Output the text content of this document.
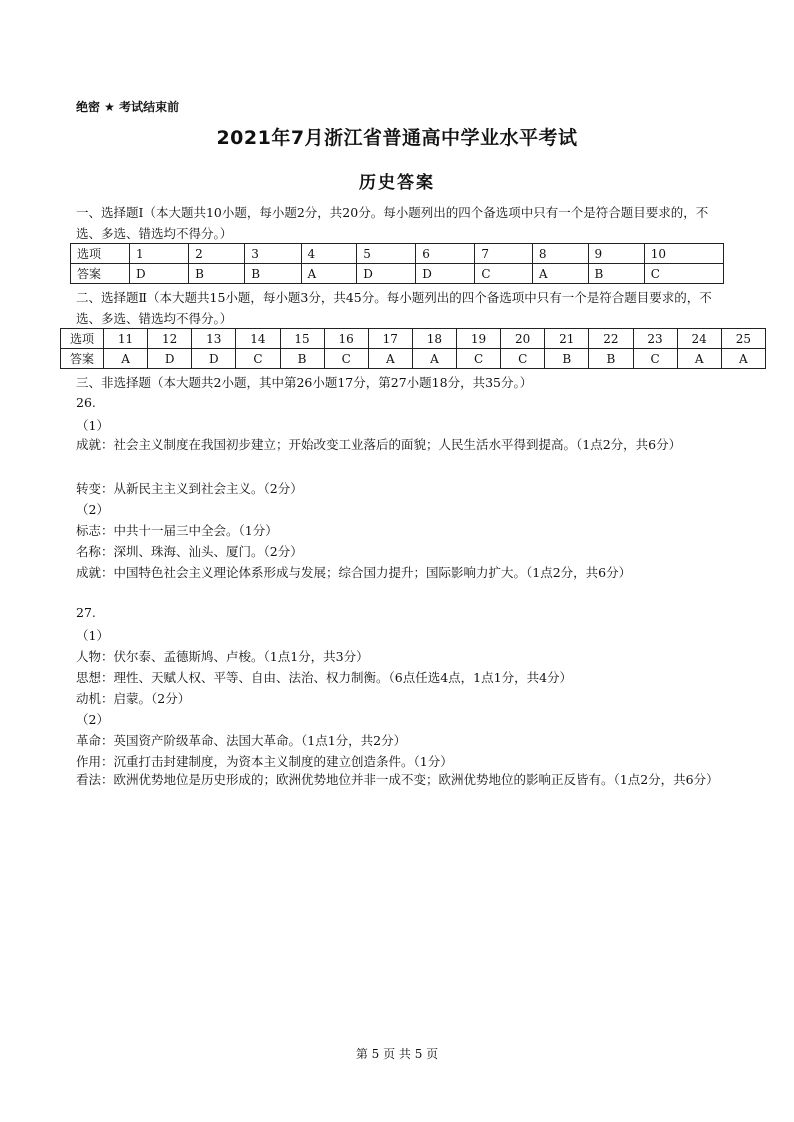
绝密 ★ 考试结束前
2021年7月浙江省普通高中学业水平考试
历史答案

一、选择题Ⅰ（本大题共10小题，每小题2分，共20分。每小题列出的四个备选项中只有一个是符合题目要求的，不选、多选、错选均不得分。）

选项	1	2	3	4	5	6	7	8	9	10
答案	D	B	B	A	D	D	C	A	B	C

二、选择题Ⅱ（本大题共15小题，每小题3分，共45分。每小题列出的四个备选项中只有一个是符合题目要求的，不选、多选、错选均不得分。）

选项	11	12	13	14	15	16	17	18	19	20	21	22	23	24	25
答案	A	D	D	C	B	C	A	A	C	C	B	B	C	A	A

三、非选择题（本大题共2小题，其中第26小题17分，第27小题18分，共35分。）

26.

（1）

成就：社会主义制度在我国初步建立；开始改变工业落后的面貌；人民生活水平得到提高。（1点2分，共6分）

转变：从新民主主义到社会主义。（2分）

（2）

标志：中共十一届三中全会。（1分）

名称：深圳、珠海、汕头、厦门。（2分）

成就：中国特色社会主义理论体系形成与发展；综合国力提升；国际影响力扩大。（1点2分，共6分）

27.

（1）

人物：伏尔泰、孟德斯鸠、卢梭。（1点1分，共3分）

思想：理性、天赋人权、平等、自由、法治、权力制衡。（6点任选4点，1点1分，共4分）

动机：启蒙。（2分）

（2）

革命：英国资产阶级革命、法国大革命。（1点1分，共2分）

作用：沉重打击封建制度，为资本主义制度的建立创造条件。（1分）

看法：欧洲优势地位是历史形成的；欧洲优势地位并非一成不变；欧洲优势地位的影响正反皆有。（1点2分，共6分）

第 5 页 共 5 页
